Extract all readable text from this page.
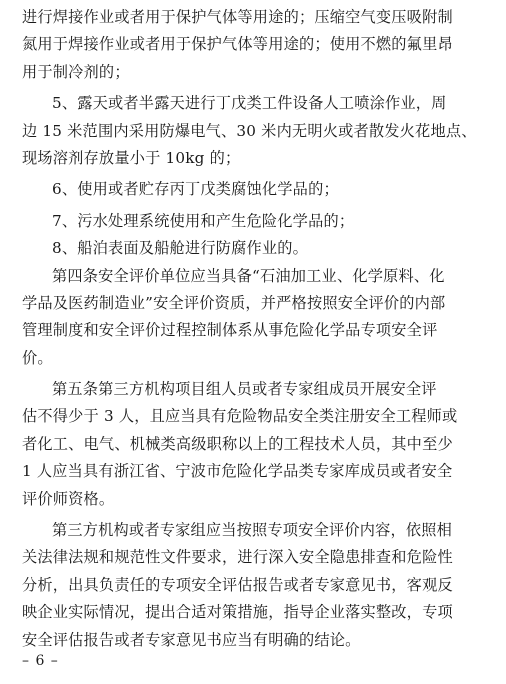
进行焊接作业或者用于保护气体等用途的；压缩空气变压吸附制
氮用于焊接作业或者用于保护气体等用途的；使用不燃的氟里昂
用于制冷剂的；
5、露天或者半露天进行丁戊类工件设备人工喷涂作业，周
边 15 米范围内采用防爆电气、30 米内无明火或者散发火花地点、
现场溶剂存放量小于 10kg 的；
6、使用或者贮存丙丁戊类腐蚀化学品的；
7、污水处理系统使用和产生危险化学品的；
8、船泊表面及船舱进行防腐作业的。
第四条安全评价单位应当具备“石油加工业、化学原料、化
学品及医药制造业”安全评价资质，并严格按照安全评价的内部
管理制度和安全评价过程控制体系从事危险化学品专项安全评
价。
第五条第三方机构项目组人员或者专家组成员开展安全评
估不得少于 3 人，且应当具有危险物品安全类注册安全工程师或
者化工、电气、机械类高级职称以上的工程技术人员，其中至少
1 人应当具有浙江省、宁波市危险化学品类专家库成员或者安全
评价师资格。
第三方机构或者专家组应当按照专项安全评价内容，依照相
关法律法规和规范性文件要求，进行深入安全隐患排查和危险性
分析，出具负责任的专项安全评估报告或者专家意见书，客观反
映企业实际情况，提出合适对策措施，指导企业落实整改，专项
安全评估报告或者专家意见书应当有明确的结论。
– 6 –
